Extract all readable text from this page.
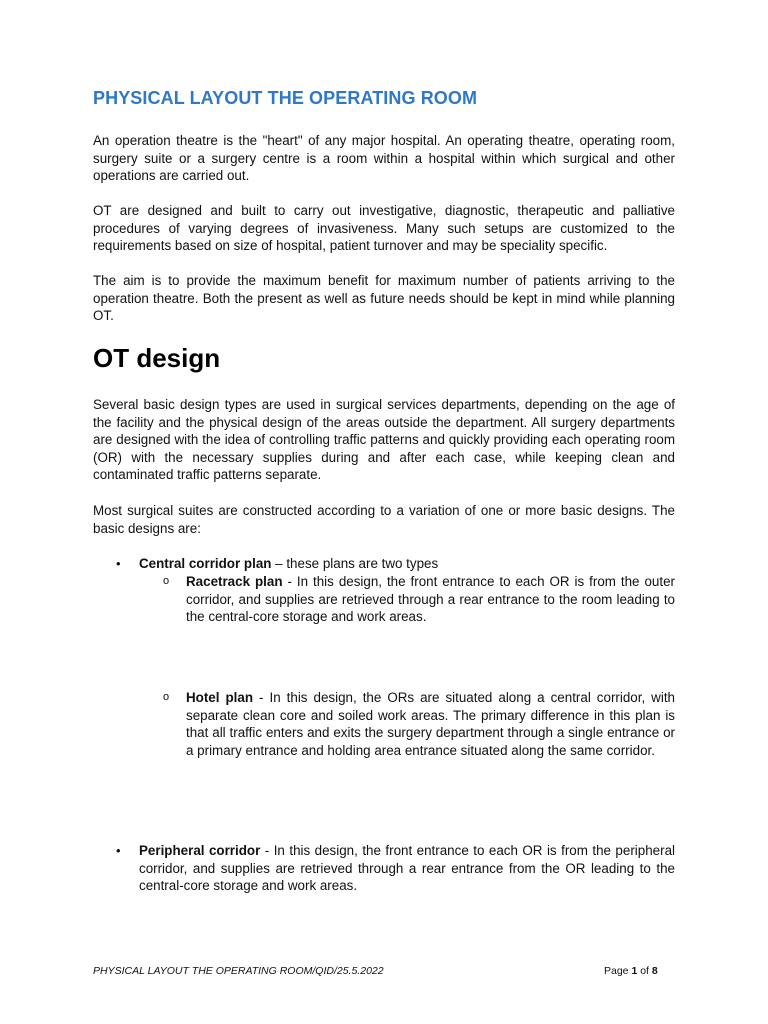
PHYSICAL LAYOUT THE OPERATING ROOM

An operation theatre is the "heart" of any major hospital. An operating theatre, operating room, surgery suite or a surgery centre is a room within a hospital within which surgical and other operations are carried out.

OT are designed and built to carry out investigative, diagnostic, therapeutic and palliative procedures of varying degrees of invasiveness. Many such setups are customized to the requirements based on size of hospital, patient turnover and may be speciality specific.

The aim is to provide the maximum benefit for maximum number of patients arriving to the operation theatre. Both the present as well as future needs should be kept in mind while planning OT.

OT design

Several basic design types are used in surgical services departments, depending on the age of the facility and the physical design of the areas outside the department. All surgery departments are designed with the idea of controlling traffic patterns and quickly providing each operating room (OR) with the necessary supplies during and after each case, while keeping clean and contaminated traffic patterns separate.

Most surgical suites are constructed according to a variation of one or more basic designs. The basic designs are:

• Central corridor plan – these plans are two types

o Racetrack plan - In this design, the front entrance to each OR is from the outer corridor, and supplies are retrieved through a rear entrance to the room leading to the central-core storage and work areas.

o Hotel plan - In this design, the ORs are situated along a central corridor, with separate clean core and soiled work areas. The primary difference in this plan is that all traffic enters and exits the surgery department through a single entrance or a primary entrance and holding area entrance situated along the same corridor.

• Peripheral corridor - In this design, the front entrance to each OR is from the peripheral corridor, and supplies are retrieved through a rear entrance from the OR leading to the central-core storage and work areas.

PHYSICAL LAYOUT THE OPERATING ROOM/QID/25.5.2022	Page 1 of 8
